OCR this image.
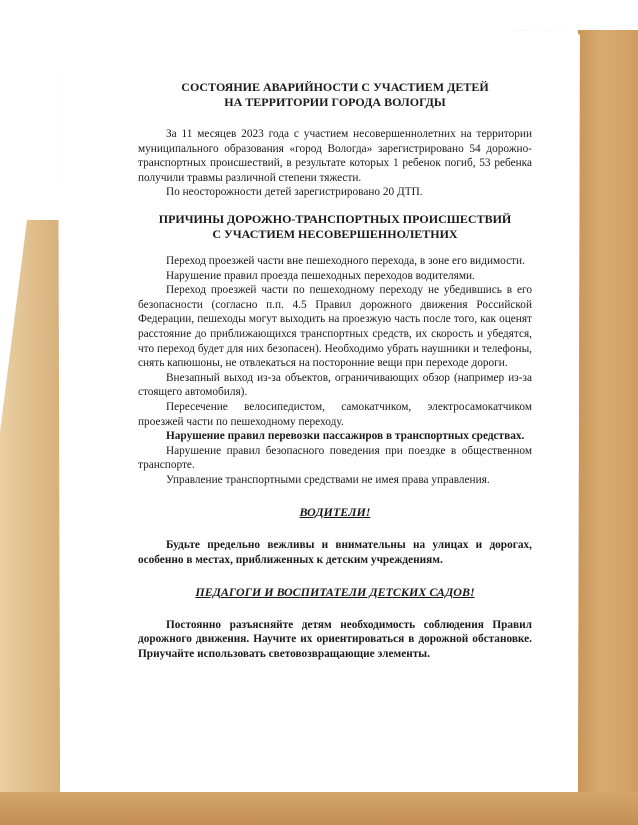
СОСТОЯНИЕ АВАРИЙНОСТИ С УЧАСТИЕМ ДЕТЕЙ
НА ТЕРРИТОРИИ ГОРОДА ВОЛОГДЫ

За 11 месяцев 2023 года с участием несовершеннолетних на территории муниципального образования «город Вологда» зарегистрировано 54 дорожно-транспортных происшествий, в результате которых 1 ребенок погиб, 53 ребенка получили травмы различной степени тяжести.

По неосторожности детей зарегистрировано 20 ДТП.

ПРИЧИНЫ ДОРОЖНО-ТРАНСПОРТНЫХ ПРОИСШЕСТВИЙ
С УЧАСТИЕМ НЕСОВЕРШЕННОЛЕТНИХ

Переход проезжей части вне пешеходного перехода, в зоне его видимости.

Нарушение правил проезда пешеходных переходов водителями.

Переход проезжей части по пешеходному переходу не убедившись в его безопасности (согласно п.п. 4.5 Правил дорожного движения Российской Федерации, пешеходы могут выходить на проезжую часть после того, как оценят расстояние до приближающихся транспортных средств, их скорость и убедятся, что переход будет для них безопасен). Необходимо убрать наушники и телефоны, снять капюшоны, не отвлекаться на посторонние вещи при переходе дороги.

Внезапный выход из-за объектов, ограничивающих обзор (например из-за стоящего автомобиля).

Пересечение велосипедистом, самокатчиком, электросамокатчиком проезжей части по пешеходному переходу.

Нарушение правил перевозки пассажиров в транспортных средствах.

Нарушение правил безопасного поведения при поездке в общественном транспорте.

Управление транспортными средствами не имея права управления.

ВОДИТЕЛИ!

Будьте предельно вежливы и внимательны на улицах и дорогах, особенно в местах, приближенных к детским учреждениям.

ПЕДАГОГИ И ВОСПИТАТЕЛИ ДЕТСКИХ САДОВ!

Постоянно разъясняйте детям необходимость соблюдения Правил дорожного движения. Научите их ориентироваться в дорожной обстановке. Приучайте использовать световозвращающие элементы.
